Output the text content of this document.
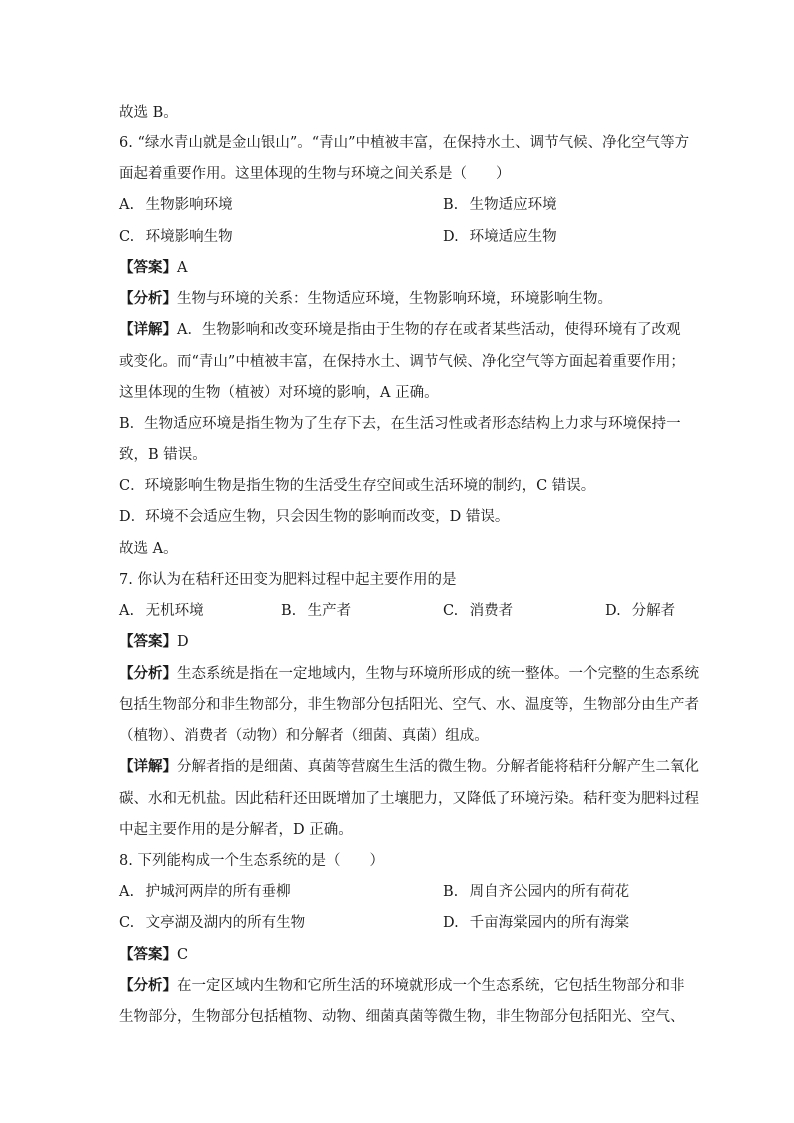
故选 B。
6. “绿水青山就是金山银山”。“青山”中植被丰富，在保持水土、调节气候、净化空气等方
面起着重要作用。这里体现的生物与环境之间关系是（　　）
A. 生物影响环境	B. 生物适应环境
C. 环境影响生物	D. 环境适应生物
【答案】A
【分析】生物与环境的关系：生物适应环境，生物影响环境，环境影响生物。
【详解】A．生物影响和改变环境是指由于生物的存在或者某些活动，使得环境有了改观
或变化。而“青山”中植被丰富，在保持水土、调节气候、净化空气等方面起着重要作用；
这里体现的生物（植被）对环境的影响，A 正确。
B．生物适应环境是指生物为了生存下去，在生活习性或者形态结构上力求与环境保持一
致，B 错误。
C．环境影响生物是指生物的生活受生存空间或生活环境的制约，C 错误。
D．环境不会适应生物，只会因生物的影响而改变，D 错误。
故选 A。
7. 你认为在秸秆还田变为肥料过程中起主要作用的是
A. 无机环境	B. 生产者	C. 消费者	D. 分解者
【答案】D
【分析】生态系统是指在一定地域内，生物与环境所形成的统一整体。一个完整的生态系统
包括生物部分和非生物部分，非生物部分包括阳光、空气、水、温度等，生物部分由生产者
（植物）、消费者（动物）和分解者（细菌、真菌）组成。
【详解】分解者指的是细菌、真菌等营腐生生活的微生物。分解者能将秸秆分解产生二氧化
碳、水和无机盐。因此秸秆还田既增加了土壤肥力，又降低了环境污染。秸秆变为肥料过程
中起主要作用的是分解者，D 正确。
8. 下列能构成一个生态系统的是（　　）
A. 护城河两岸的所有垂柳	B. 周自齐公园内的所有荷花
C. 文亭湖及湖内的所有生物	D. 千亩海棠园内的所有海棠
【答案】C
【分析】在一定区域内生物和它所生活的环境就形成一个生态系统，它包括生物部分和非
生物部分，生物部分包括植物、动物、细菌真菌等微生物，非生物部分包括阳光、空气、
